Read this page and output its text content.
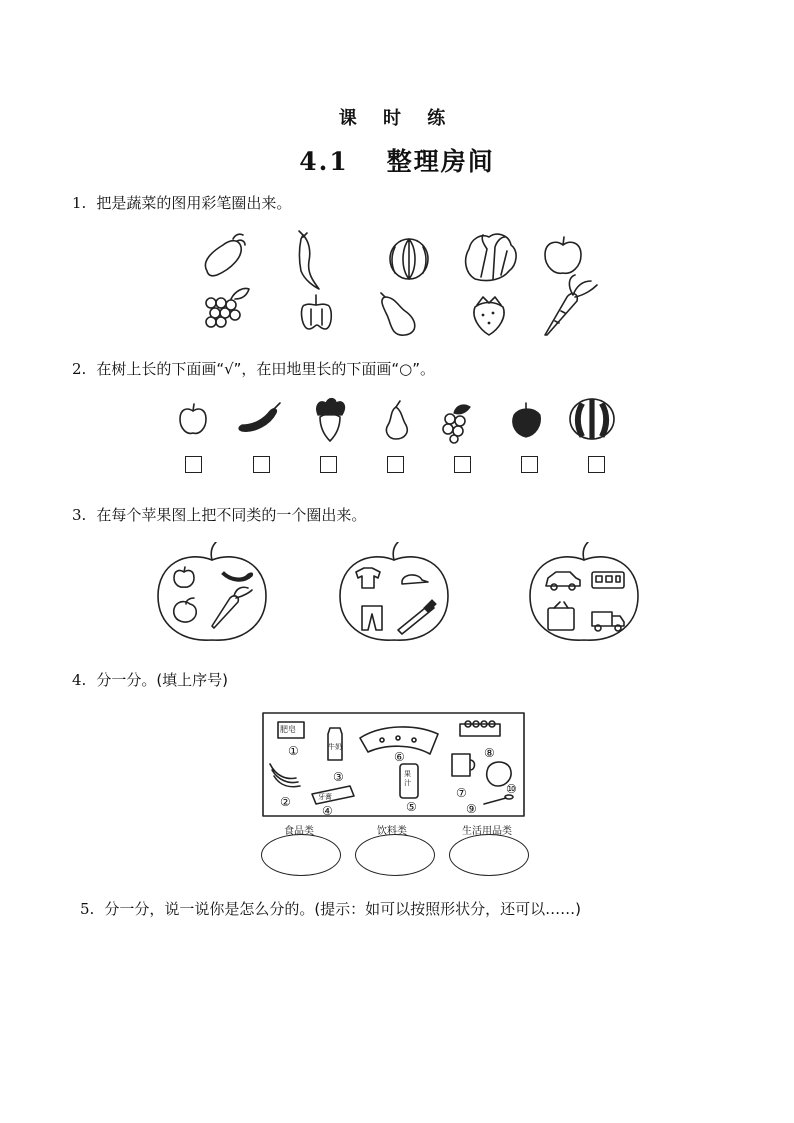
课 时 练
4.1 整理房间
1. 把是蔬菜的图用彩笔圈出来。
2. 在树上长的下面画“√”，在田地里长的下面画“○”。
3. 在每个苹果图上把不同类的一个圈出来。
4. 分一分。(填上序号)
肥皂
牛奶
牙膏
果汁
①
②
③
④	⑤
⑥
⑦
⑧
⑨
⑩
食品类	饮料类	生活用品类
5. 分一分，说一说你是怎么分的。(提示：如可以按照形状分，还可以……)
